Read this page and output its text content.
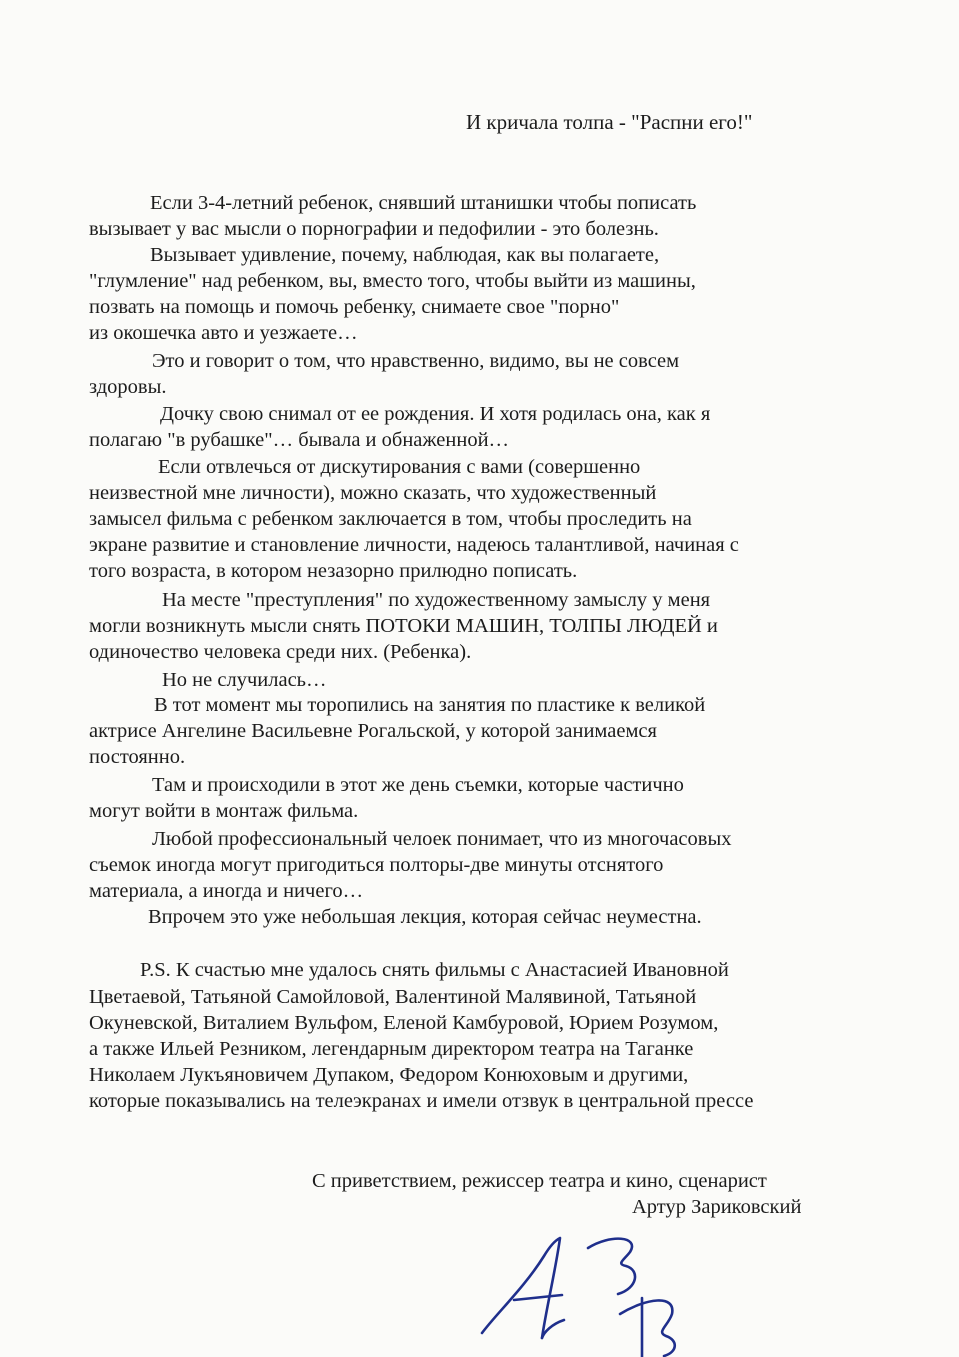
И кричала толпа - "Распни его!"
Если 3-4-летний ребенок, снявший штанишки чтобы пописать
вызывает у вас мысли о порнографии и педофилии - это болезнь.
Вызывает удивление, почему, наблюдая, как вы полагаете,
"глумление" над ребенком, вы, вместо того, чтобы выйти из машины,
позвать на помощь и помочь ребенку, снимаете свое "порно"
из окошечка авто и уезжаете…
Это и говорит о том, что нравственно, видимо, вы не совсем
здоровы.
Дочку свою снимал от ее рождения. И хотя родилась она, как я
полагаю "в рубашке"… бывала и обнаженной…
Если отвлечься от дискутирования с вами (совершенно
неизвестной мне личности), можно сказать, что художественный
замысел фильма с ребенком заключается в том, чтобы проследить на
экране развитие и становление личности, надеюсь талантливой, начиная с
того возраста, в котором незазорно прилюдно пописать.
На месте "преступления" по художественному замыслу у меня
могли возникнуть мысли снять ПОТОКИ МАШИН, ТОЛПЫ ЛЮДЕЙ и
одиночество человека среди них. (Ребенка).
Но не случилась…
В тот момент мы торопились на занятия по пластике к великой
актрисе Ангелине Васильевне Рогальской, у которой занимаемся
постоянно.
Там и происходили в этот же день съемки, которые частично
могут войти в монтаж фильма.
Любой профессиональный челоек понимает, что из многочасовых
съемок иногда могут пригодиться полторы-две минуты отснятого
материала, а иногда и ничего…
Впрочем это уже небольшая лекция, которая сейчас неуместна.
P.S. К счастью мне удалось снять фильмы с Анастасией Ивановной
Цветаевой, Татьяной Самойловой, Валентиной Малявиной, Татьяной
Окуневской, Виталием Вульфом, Еленой Камбуровой, Юрием Розумом,
а также Ильей Резником, легендарным директором театра на Таганке
Николаем Лукъяновичем Дупаком, Федором Конюховым и другими,
которые показывались на телеэкранах и имели отзвук в центральной прессе
С приветствием, режиссер театра и кино, сценарист
Артур Зариковский
